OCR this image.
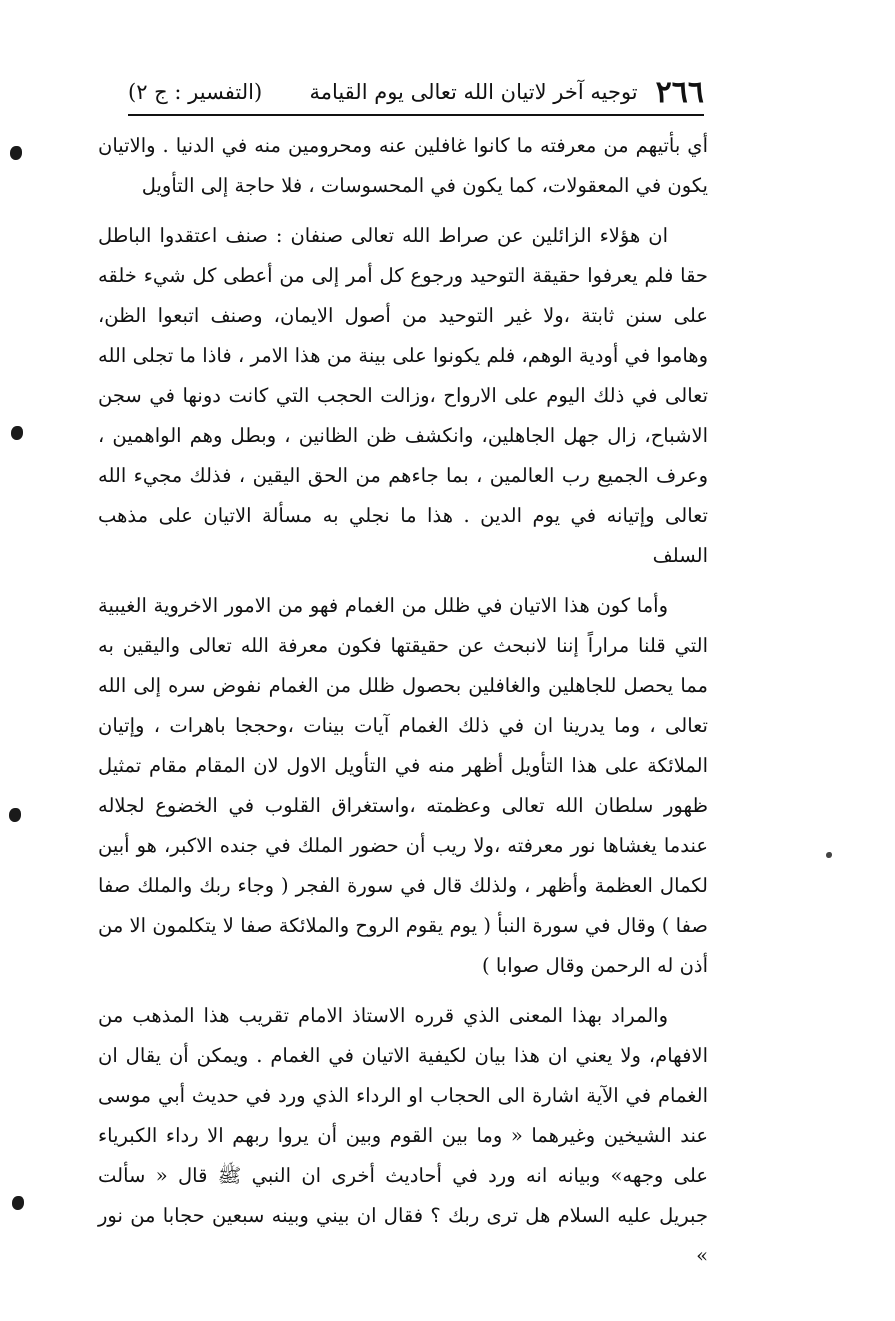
٢٦٦
توجيه آخر لاتيان الله تعالى يوم القيامة
(التفسير : ج ٢)

أي بأتيهم من معرفته ما كانوا غافلين عنه ومحرومين منه في الدنيا . والاتيان يكون في المعقولات، كما يكون في المحسوسات ، فلا حاجة إلى التأويل

ان هؤلاء الزائلين عن صراط الله تعالى صنفان : صنف اعتقدوا الباطل حقا فلم يعرفوا حقيقة التوحيد ورجوع كل أمر إلى من أعطى كل شيء خلقه على سنن ثابتة ،ولا غير التوحيد من أصول الايمان، وصنف اتبعوا الظن، وهاموا في أودية الوهم، فلم يكونوا على بينة من هذا الامر ، فاذا ما تجلى الله تعالى في ذلك اليوم على الارواح ،وزالت الحجب التي كانت دونها في سجن الاشباح، زال جهل الجاهلين، وانكشف ظن الظانين ، وبطل وهم الواهمين ، وعرف الجميع رب العالمين ، بما جاءهم من الحق اليقين ، فذلك مجيء الله تعالى وإتيانه في يوم الدين . هذا ما نجلي به مسألة الاتيان على مذهب السلف

وأما كون هذا الاتيان في ظلل من الغمام فهو من الامور الاخروية الغيبية التي قلنا مراراً إننا لانبحث عن حقيقتها فكون معرفة الله تعالى واليقين به مما يحصل للجاهلين والغافلين بحصول ظلل من الغمام نفوض سره إلى الله تعالى ، وما يدرينا ان في ذلك الغمام آيات بينات ،وحججا باهرات ، وإتيان الملائكة على هذا التأويل أظهر منه في التأويل الاول لان المقام مقام تمثيل ظهور سلطان الله تعالى وعظمته ،واستغراق القلوب في الخضوع لجلاله عندما يغشاها نور معرفته ،ولا ريب أن حضور الملك في جنده الاكبر، هو أبين لكمال العظمة وأظهر ، ولذلك قال في سورة الفجر ( وجاء ربك والملك صفا صفا ) وقال في سورة النبأ ( يوم يقوم الروح والملائكة صفا لا يتكلمون الا من أذن له الرحمن وقال صوابا )

والمراد بهذا المعنى الذي قرره الاستاذ الامام تقريب هذا المذهب من الافهام، ولا يعني ان هذا بيان لكيفية الاتيان في الغمام . ويمكن أن يقال ان الغمام في الآية اشارة الى الحجاب او الرداء الذي ورد في حديث أبي موسى عند الشيخين وغيرهما « وما بين القوم وبين أن يروا ربهم الا رداء الكبرياء على وجهه» وبيانه انه ورد في أحاديث أخرى ان النبي ﷺ قال « سألت جبريل عليه السلام هل ترى ربك ؟ فقال ان بيني وبينه سبعين حجابا من نور »
